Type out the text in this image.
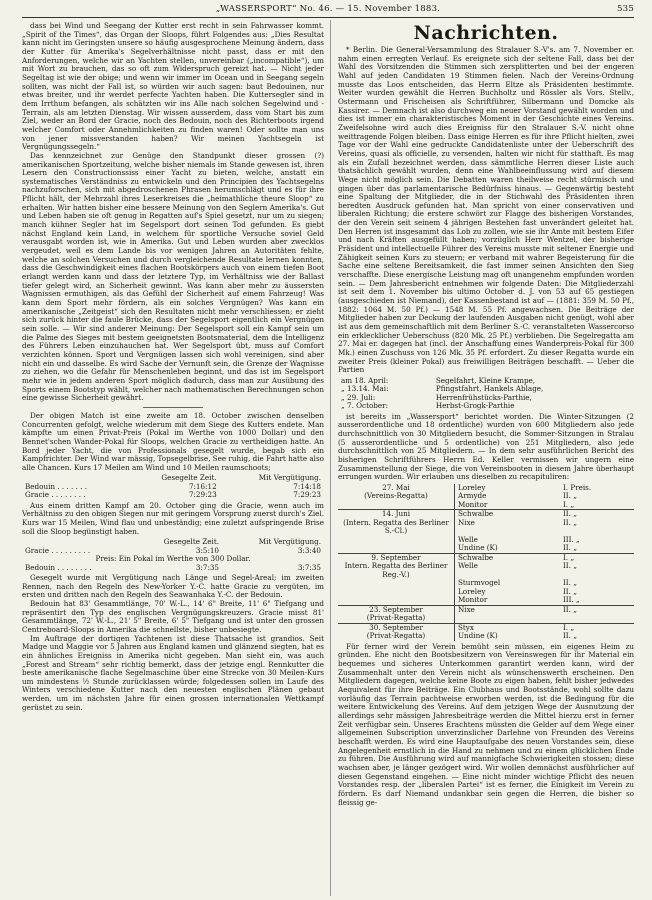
„WASSERSPORT“ No. 46. — 15. November 1883.	535

dass bei Wind und Seegang der Kutter erst recht in sein Fahrwasser kommt. „Spirit of the Times“, das Organ der Sloops, führt Folgendes aus: „Dies Resultat kann nicht im Geringsten unsere so häufig ausgesprochene Meinung ändern, dass der Kutter für Amerika's Segelverhältnisse nicht passt, dass er mit den Anforderungen, welche wir an Yachten stellen, unvereinbar („incompatible“), um mit Wort zu brauchen, das so oft zum Widerspruch gereizt hat. — Nicht jeder Segeltag ist wie der obige; und wenn wir immer im Ocean und in Seegang segeln sollten, was nicht der Fall ist, so würden wir auch sagen: baut Bedouinen, nur etwas breiter, und ihr werdet perfecte Yachten haben. Die Kuttersegler sind in dem Irrthum befangen, als schätzten wir ins Alle nach solchen Segelwind und -Terrain, als am letzten Dienstag. Wir wissen ausserdem, dass vom Start bis zum Ziel, weder an Bord der Gracie, noch des Bedouin, noch des Richterboots irgend welcher Comfort oder Annehmlichkeiten zu finden waren! Oder sollte man uns von jener missverstanden haben? Wir meinen Yachtsegeln ist Vergnügungssegeln.“

Das kennzeichnet zur Genüge den Standpunkt dieser grossen (?) amerikanischen Sportzeitung, welche bisher niemals im Stande gewesen ist, ihren Lesern den Constructionssiss einer Yacht zu bieten, welche, anstatt ein systematisches Verständniss zu entwickeln und den Principien des Yachtsegelns nachzuforschen, sich mit abgedroschenen Phrasen herumschlägt und es für ihre Pflicht hält, der Mehrzahl ihres Leserkreises die „heimathliche theure Sloop“ zu erhalten. Wir hatten bisher eine bessere Meinung von den Seglern Amerika's. Gut und Leben haben sie oft genug in Regatten auf's Spiel gesetzt, nur um zu siegen; manch kühner Segler hat im Segelsport dort seinen Tod gefunden. Es giebt nächst England kein Land, in welchem für sportliche Versuche soviel Geld verausgabt worden ist, wie in Amerika. Gut und Leben wurden aber zwecklos vergeudet, weil es dem Lande bis vor wenigen Jahren an Autoritäten fehlte, welche an solchen Versuchen und durch vergleichende Resultate lernen konnten, dass die Geschwindigkeit eines flachen Bootskörpers auch von einem tiefen Boot erlangt werden kann und dass der letztere Typ, im Verhältniss wie der Ballast tiefer gelegt wird, an Sicherheit gewinnt. Was kann aber mehr zu äussersten Wagnissen ermuthigen, als das Gefühl der Sicherheit auf einem Fahrzeug! Was kann dem Sport mehr fördern, als ein solches Vergnügen? Was kann ein amerikanische „Zeitgeist“ sich den Resultaten nicht mehr verschliessen; er zieht sich zurück hinter die faule Brücke, dass der Segelsport eigentlich ein Vergnügen sein solle. — Wir sind anderer Meinung: Der Segelsport soll ein Kampf sein um die Palme des Sieges mit bestem geeignetsten Bootsmaterial, dem die Intelligenz des Führers Leben einzuhauchen hat. Wer Segelsport übt, muss auf Comfort verzichten können. Sport und Vergnügen lassen sich wohl vereinigen, sind aber nicht ein und dasselbe. Es wird Sache der Vernunft sein, die Grenze der Wagnisse zu ziehen, wo die Gefahr für Menschenleben beginnt, und das ist im Segelsport mehr wie in jedem anderen Sport möglich dadurch, dass man zur Ausübung des Sports einem Bootstyp wählt, welcher nach mathematischen Berechnungen schon eine gewisse Sicherheit gewährt.

Der obigen Match ist eine zweite am 18. October zwischen denselben Concurrenten gefolgt, welche wiederum mit dem Siege des Kutters endete. Man kämpfte um einen Privat-Preis (Pokal im Werthe von 1000 Dollar) und den Bennet'schen Wander-Pokal für Sloops, welchen Gracie zu vertheidigen hatte. An Bord jeder Yacht, die von Professionals gesegelt wurde, begab sich ein Kampfrichter. Der Wind war mässig, Topsegelbrise, See ruhig, die Fahrt hatte also alle Chancen. Kurs 17 Meilen am Wind und 10 Meilen raumschoots;

	Gesegelte Zeit.	Mit Vergütigung.
Bedouin . . . . . . .	7:16:12	7:14:18
Gracie . . . . . . . .	7:29:23	7:29:23

Aus einem dritten Kampf am 20. October ging die Gracie, wenn auch im Verhältniss zu den obigen Siegen nur mit geringem Vorsprung zuerst durch's Ziel. Kurs war 15 Meilen, Wind flau und unbeständig; eine zuletzt aufspringende Brise soll die Sloop begünstigt haben.

	Gesegelte Zeit.	Mit Vergütigung.
Gracie . . . . . . . . .	3:5:10	3:3:40
Preis: Ein Pokal im Werthe von 300 Dollar.		
Bedouin . . . . . . . .	3:7:35	3:7:35

Gesegelt wurde mit Vergütigung nach Länge und Segel-Areal; im zweiten Rennen, nach den Regeln des New-Yorker Y.-C. hatte Gracie zu vergüten, im ersten und dritten nach den Regeln des Seawanhaka Y.-C. der Bedouin.

Bedouin hat 83' Gesammtlänge, 70' W.-L., 14' 6" Breite, 11' 6" Tiefgang und repräsentirt den Typ des englischen Vergnügungskreuzers. Gracie misst 81' Gesammtlänge, 72' W.-L., 21' 5" Breite, 6' 5" Tiefgang und ist unter den grossen Centreboard-Sloops in Amerika die schnellste, bisher unbesiegte.

Im Auftrage der dortigen Yachtenen ist diese Thatsache ist grandios. Seit Madge und Maggie vor 5 Jahren aus England kamen und glänzend siegten, hat es ein ähnliches Ereigniss in Amerika nicht gegeben. Man sieht ein, was auch „Forest and Stream“ sehr richtig bemerkt, dass der jetzige engl. Rennkutter die beste amerikanische flache Segelmaschine über eine Strecke von 30 Meilen-Kurs um mindestens ½ Stunde zurücklassen würde; folgedessen sollen im Laufe des Winters verschiedene Kutter nach den neuesten englischen Plänen gebaut werden, um im nächsten Jahre für einen grossen internationalen Wettkampf gerüstet zu sein.

Nachrichten.

* Berlin. Die General-Versammlung des Stralauer S.-V's. am 7. November er. nahm einen erregten Verlauf. Es ereignete sich der seltene Fall, dass bei der Wahl des Vorsitzenden die Stimmen sich zersplitterten und bei der engeren Wahl auf jeden Candidaten 19 Stimmen fielen. Nach der Vereins-Ordnung musste das Loos entscheiden, das Herrn Eltze als Präsidenten bestimmte. Weiter wurden gewählt die Herren Buchholtz und Rössler als Vors. Stellv., Ostermann und Frischeisen als Schriftführer, Silbermann und Domcke als Kassirer. — Demnach ist also durchweg ein neuer Vorstand gewählt worden und dies ist immer ein charakteristisches Moment in der Geschichte eines Vereins. Zweifelsohne wird auch dies Ereigniss für den Stralauer S.-V. nicht ohne weittragende Folgen bleiben. Dass einige Herren es für ihre Pflicht hielten, zwei Tage vor der Wahl eine gedruckte Candidatenliste unter der Ueberschrift des Vereins, quasi als officielle, zu versenden, halten wir nicht für statthaft. Es mag als ein Zufall bezeichnet werden, dass sämmtliche Herren dieser Liste auch thatsächlich gewählt wurden, denn eine Wahlbeeinflussung wird auf diesem Wege nicht möglich sein. Die Debatten waren theilweise recht stürmisch und gingen über das parlamentarische Bedürfniss hinaus. — Gegenwärtig besteht eine Spaltung der Mitglieder, die in der Stichwahl des Präsidenten ihren beredten Ausdruck gefunden hat. Man spricht von einer conservativen und liberalen Richtung; die erstere schwört zur Flagge des bisherigen Vorstandes, der den Verein seit seinem 4 jährigen Bestehen fast unverändert geleitet hat. Den Herren ist insgesammt das Lob zu zollen, wie sie ihr Amte mit bestem Eifer und nach Kräften ausgefüllt haben; vorzüglich Herr Wentzel, der bisherige Präsident und intellectuelle Führer des Vereins musste mit seltener Energie und Zähigkeit seinen Kurs zu steuern; er verband mit wahrer Begeisterung für die Sache eine seltene Bereitsamkeit, die fast immer seinen Ansichten den Sieg verschaffte. Diese energische Leistung mag oft unangenehm empfunden worden sein. — Dem Jahresbericht entnehmen wir folgende Daten: Die Mitgliederzahl ist seit dem 1. November bis ultimo October d. J. von 53 auf 65 gestiegen (ausgeschieden ist Niemand), der Kassenbestand ist auf — (1881: 359 M. 50 Pf., 1882: 1064 M. 50 Pf.) — 1548 M. 55 Pf. angewachsen. Die Beiträge der Mitglieder haben zur Deckung der laufenden Ausgaben nicht genügt, wohl aber ist aus dem gemeinschaftlich mit dem Berliner S.-C. veranstalteten Wassercorso ein erklecklicher Ueberschuss (820 Mk. 25 Pf.) verblieben. Die Segelregatta am 27. Mai er. dagegen hat (incl. der Anschaffung eines Wanderpreis-Pokal für 300 Mk.) einen Zuschuss von 126 Mk. 35 Pf. erfordert. Zu dieser Regatta wurde ein zweiter Preis (kleiner Pokal) aus freiwilligen Beiträgen beschafft. — Ueber die Partien

am 18. April:	Segelfahrt, Kleine Krampe,
„ 13.14. Mai:	Pfingstfahrt, Hankels Ablage,
„ 29. Juli:	Herrenfrühstücks-Parthie,
„ 7. October:	Herbst-Grogk-Parthie

ist bereits im „Wassersport“ berichtet worden. Die Winter-Sitzungen (2 ausserordentliche und 18 ordentliche) wurden von 600 Mitgliedern also jede durchschnittlich von 30 Mitgliedern besucht, die Sommer-Sitzungen in Stralau (5 ausserordentliche und 5 ordentliche) von 251 Mitgliedern, also jede durchschnittlich von 25 Mitgliedern. — In dem sehr ausführlichen Bericht des bisherigen Schriftführers Herrn Ed. Keller vermissen wir ungern eine Zusammenstellung der Siege, die von Vereinsbooten in diesem Jahre überhaupt errungen wurden. Wir erlauben uns dieselben zu recapituliren:

27. Mai	Loreley	I. Preis.
(Vereins-Regatta)	Armyde	II. „
	Monitor	I. „
14. Juni	Schwalbe	II. „
(Intern. Regatta des Berliner S.-Cl.)	Nixe	II. „
	Welle	III. „
	Undine (K)	II. „
9. September	Schwalbe	I. „
Intern. Regatta des Berliner Reg.-V.)	Welle	II. „
	Sturmvogel	II. „
	Loreley	II. „
	Monitor	III. „
23. September	Nixe	II. „
(Privat-Regatta)		
30. September	Styx	I. „
(Privat-Regatta)	Undine (K)	II. „

Für ferner wird der Verein bemüht sein müssen, ein eigenes Heim zu gründen. Ehe nicht den Bootsbesitzern von Vereinswegen für ihr Material ein bequemes und sicheres Unterkommen garantirt werden kann, wird der Zusammenhalt unter den Verein nicht als wünschenswerth erscheinen. Den Mitgliedern dagegen, welche keine Boote zu eigen haben, fehlt bisher jedwedes Aequivalent für ihre Beiträge. Ein Clubhaus und Bootsstände, wohl sollte dazu vorläufig das Terrain pachtweise erworben werden, ist die Bedingung für die weitere Entwickelung des Vereins. Auf dem jetzigen Wege der Ausnutzung der allerdings sehr mässigen Jahresbeiträge werden die Mittel hierzu erst in ferner Zeit verfügbar sein. Unseres Erachtens müssten die Gelder auf dem Wege einer allgemeinen Subscription unverzinslicher Darlehne von Freunden des Vereins beschafft werden. Es wird eine Hauptaufgabe des neuen Vorstandes sein, diese Angelegenheit ernstlich in die Hand zu nehmen und zu einem glücklichen Ende zu führen. Die Ausführung wird auf mannigfache Schwierigkeiten stossen; diese wachsen aber, je länger gezögert wird. Wir wollen demnächst ausführlicher auf diesen Gegenstand eingehen. — Eine nicht minder wichtige Pflicht des neuen Vorstandes resp. der „liberalen Partei“ ist es ferner, die Einigkeit im Verein zu fördern. Es darf Niemand undankbar sein gegen die Herren, die bisher so fleissig ge-
